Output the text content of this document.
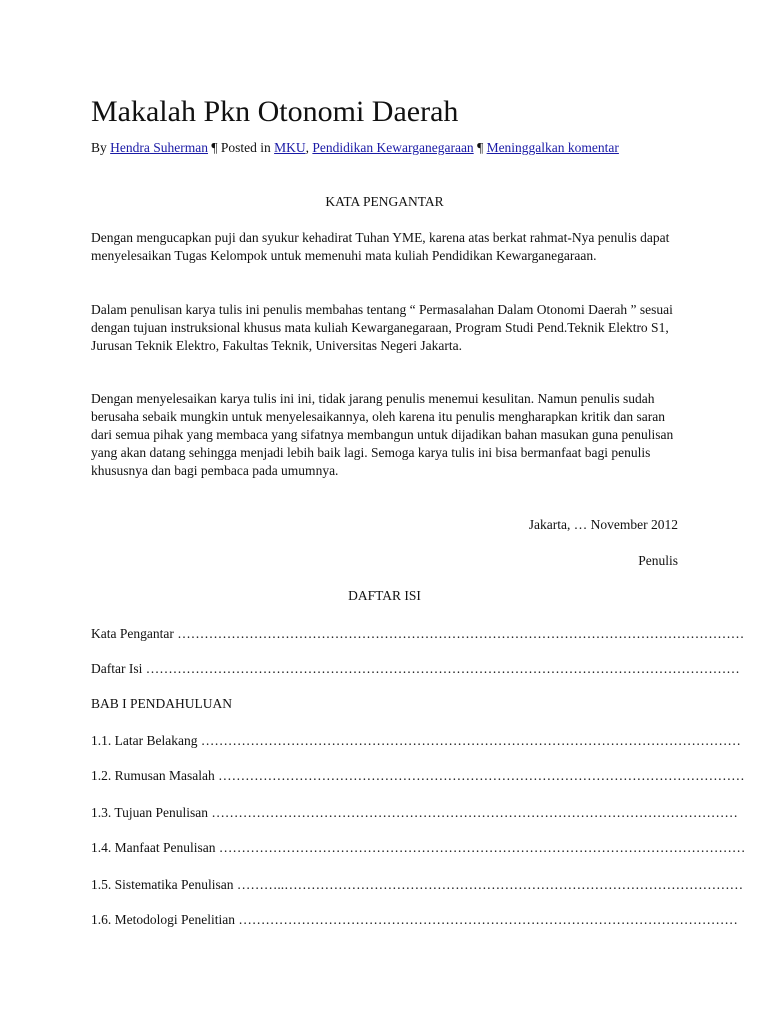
Makalah Pkn Otonomi Daerah
By Hendra Suherman ¶ Posted in MKU, Pendidikan Kewarganegaraan ¶ Meninggalkan komentar
KATA PENGANTAR

Dengan mengucapkan puji dan syukur kehadirat Tuhan YME, karena atas berkat rahmat-Nya penulis dapat menyelesaikan Tugas Kelompok untuk memenuhi mata kuliah Pendidikan Kewarganegaraan.

Dalam penulisan karya tulis ini penulis membahas tentang “ Permasalahan Dalam Otonomi Daerah ” sesuai dengan tujuan instruksional khusus mata kuliah Kewarganegaraan, Program Studi Pend.Teknik Elektro S1, Jurusan Teknik Elektro, Fakultas Teknik, Universitas Negeri Jakarta.

Dengan menyelesaikan karya tulis ini ini, tidak jarang penulis menemui kesulitan. Namun penulis sudah berusaha sebaik mungkin untuk menyelesaikannya, oleh karena itu penulis mengharapkan kritik dan saran dari semua pihak yang membaca yang sifatnya membangun untuk dijadikan bahan masukan guna penulisan yang akan datang sehingga menjadi lebih baik lagi. Semoga karya tulis ini bisa bermanfaat bagi penulis khususnya dan bagi pembaca pada umumnya.

Jakarta, … November 2012
Penulis
DAFTAR ISI
Kata Pengantar ………………………………………………………………………………………………………………
Daftar Isi ……………………………………………………………………………………………………………………
BAB I PENDAHULUAN
1.1. Latar Belakang …………………………………………………………………………………………………………
1.2. Rumusan Masalah ………………………………………………………………………………………………………
1.3. Tujuan Penulisan ………………………………………………………………………………………………………
1.4. Manfaat Penulisan ………………………………………………………………………………………………………
1.5. Sistematika Penulisan ………..…………………………………………………………………………………………
1.6. Metodologi Penelitian …………………………………………………………………………………………………
